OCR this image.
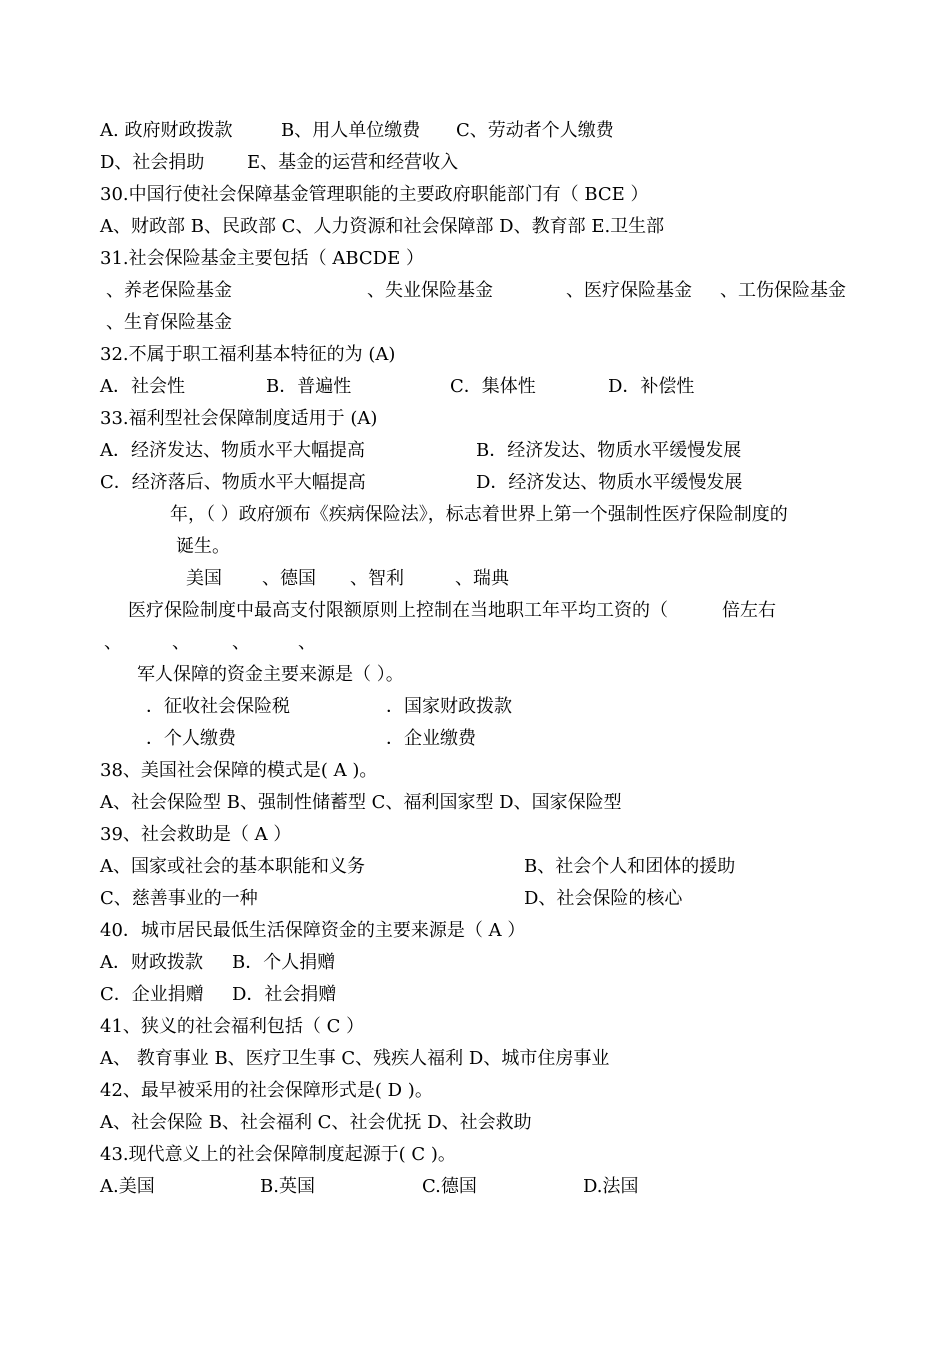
A. 政府财政拨款

	B、用人单位缴费

C、劳动者个人缴费

D、社会捐助

E、基金的运营和经营收入

30.中国行使社会保障基金管理职能的主要政府职能部门有（ BCE ）

A、财政部 B、民政部 C、人力资源和社会保障部 D、教育部 E.卫生部

31.社会保险基金主要包括（ ABCDE ）

、养老保险基金

	、失业保险基金

	、医疗保险基金

、工伤保险基金

、生育保险基金

32.不属于职工福利基本特征的为 (A)

A．社会性

	B．普遍性

	C．集体性

	D．补偿性

33.福利型社会保障制度适用于 (A)

A．经济发达、物质水平大幅提高

	B．经济发达、物质水平缓慢发展

C．经济落后、物质水平大幅提高

	D．经济发达、物质水平缓慢发展

年，（ ）政府颁布《疾病保险法》，标志着世界上第一个强制性医疗保险制度的

诞生。

美国

、德国

、智利

	、瑞典

医疗保险制度中最高支付限额原则上控制在当地职工年平均工资的（

	倍左右

、

	、

、

	、

军人保障的资金主要来源是（ ）。

．征收社会保险税

	．国家财政拨款

．个人缴费

	．企业缴费

38、美国社会保障的模式是( A )。

A、社会保险型 B、强制性储蓄型 C、福利国家型 D、国家保险型

39、社会救助是（ A ）

A、国家或社会的基本职能和义务

	B、社会个人和团体的援助

C、慈善事业的一种

	D、社会保险的核心

40．城市居民最低生活保障资金的主要来源是（ A ）

A．财政拨款

B．个人捐赠

C．企业捐赠

D．社会捐赠

41、狭义的社会福利包括（ C ）

A、 教育事业 B、医疗卫生事 C、残疾人福利 D、城市住房事业

42、最早被采用的社会保障形式是( D )。

A、社会保险 B、社会福利 C、社会优抚 D、社会救助

43.现代意义上的社会保障制度起源于( C )。

A.美国

	B.英国

	C.德国

	D.法国
